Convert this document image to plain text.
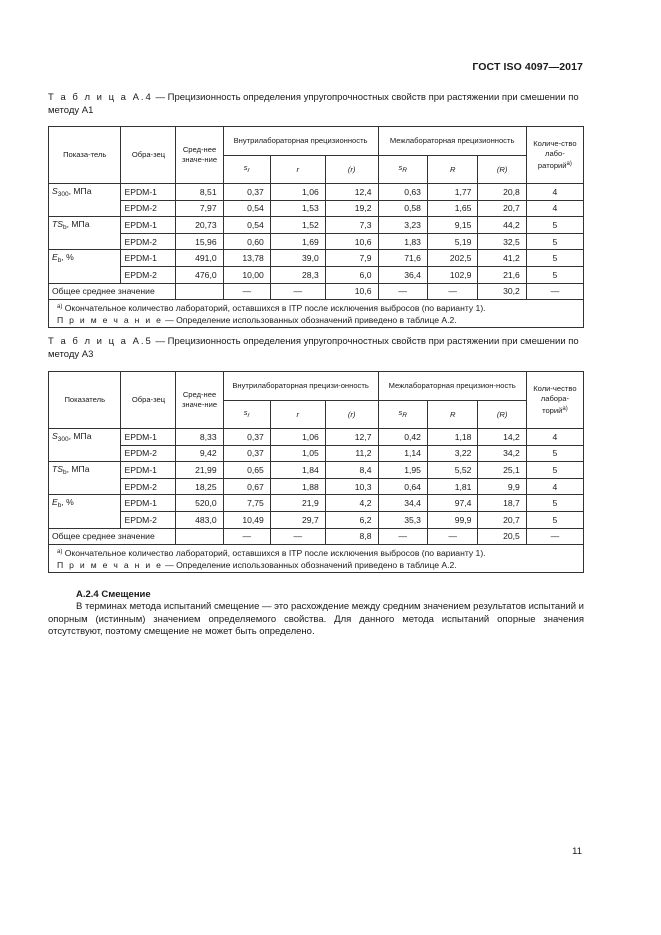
ГОСТ ISO 4097—2017
Т а б л и ц а А.4 — Прецизионность определения упругопрочностных свойств при растяжении при смешении по методу А1
Показа-тель	Обра-зец	Сред-нее значе-ние	Внутрилабораторная прецизионность			Межлабораторная прецизионность			Количе-ство лабо-раторий$^{а)}$
			$s_r$	r	(r)	$s_R$	R	(R)	
$S_{300}$, МПа	EPDM-1	8,51	0,37	1,06	12,4	0,63	1,77	20,8	4
	EPDM-2	7,97	0,54	1,53	19,2	0,58	1,65	20,7	4
$TS_b$, МПа	EPDM-1	20,73	0,54	1,52	7,3	3,23	9,15	44,2	5
	EPDM-2	15,96	0,60	1,69	10,6	1,83	5,19	32,5	5
$E_b$, %	EPDM-1	491,0	13,78	39,0	7,9	71,6	202,5	41,2	5
	EPDM-2	476,0	10,00	28,3	6,0	36,4	102,9	21,6	5
Общее среднее значение			—	—	10,6	—	—	30,2	—

$^{а)}$ Окончательное количество лабораторий, оставшихся в ITP после исключения выбросов (по варианту 1).
П р и м е ч а н и е — Определение использованных обозначений приведено в таблице А.2.									
Т а б л и ц а А.5 — Прецизионность определения упругопрочностных свойств при растяжении при смешении по методу А3
Показатель	Обра-зец	Сред-нее значе-ние	Внутрилабораторная прецизи-онность			Межлабораторная прецизион-ность			Коли-чество лабора-торий$^{а)}$
			$s_r$	r	(r)	$s_R$	R	(R)	
$S_{300}$, МПа	EPDM-1	8,33	0,37	1,06	12,7	0,42	1,18	14,2	4
	EPDM-2	9,42	0,37	1,05	11,2	1,14	3,22	34,2	5
$TS_b$, МПа	EPDM-1	21,99	0,65	1,84	8,4	1,95	5,52	25,1	5
	EPDM-2	18,25	0,67	1,88	10,3	0,64	1,81	9,9	4
$E_b$, %	EPDM-1	520,0	7,75	21,9	4,2	34,4	97,4	18,7	5
	EPDM-2	483,0	10,49	29,7	6,2	35,3	99,9	20,7	5
Общее среднее значение			—	—	8,8	—	—	20,5	—

$^{а)}$ Окончательное количество лабораторий, оставшихся в ITP после исключения выбросов (по варианту 1).
П р и м е ч а н и е — Определение использованных обозначений приведено в таблице А.2.									
А.2.4 Смещение
В терминах метода испытаний смещение — это расхождение между средним значением результатов испытаний и опорным (истинным) значением определяемого свойства. Для данного метода испытаний опорные значения отсутствуют, поэтому смещение не может быть определено.
11
